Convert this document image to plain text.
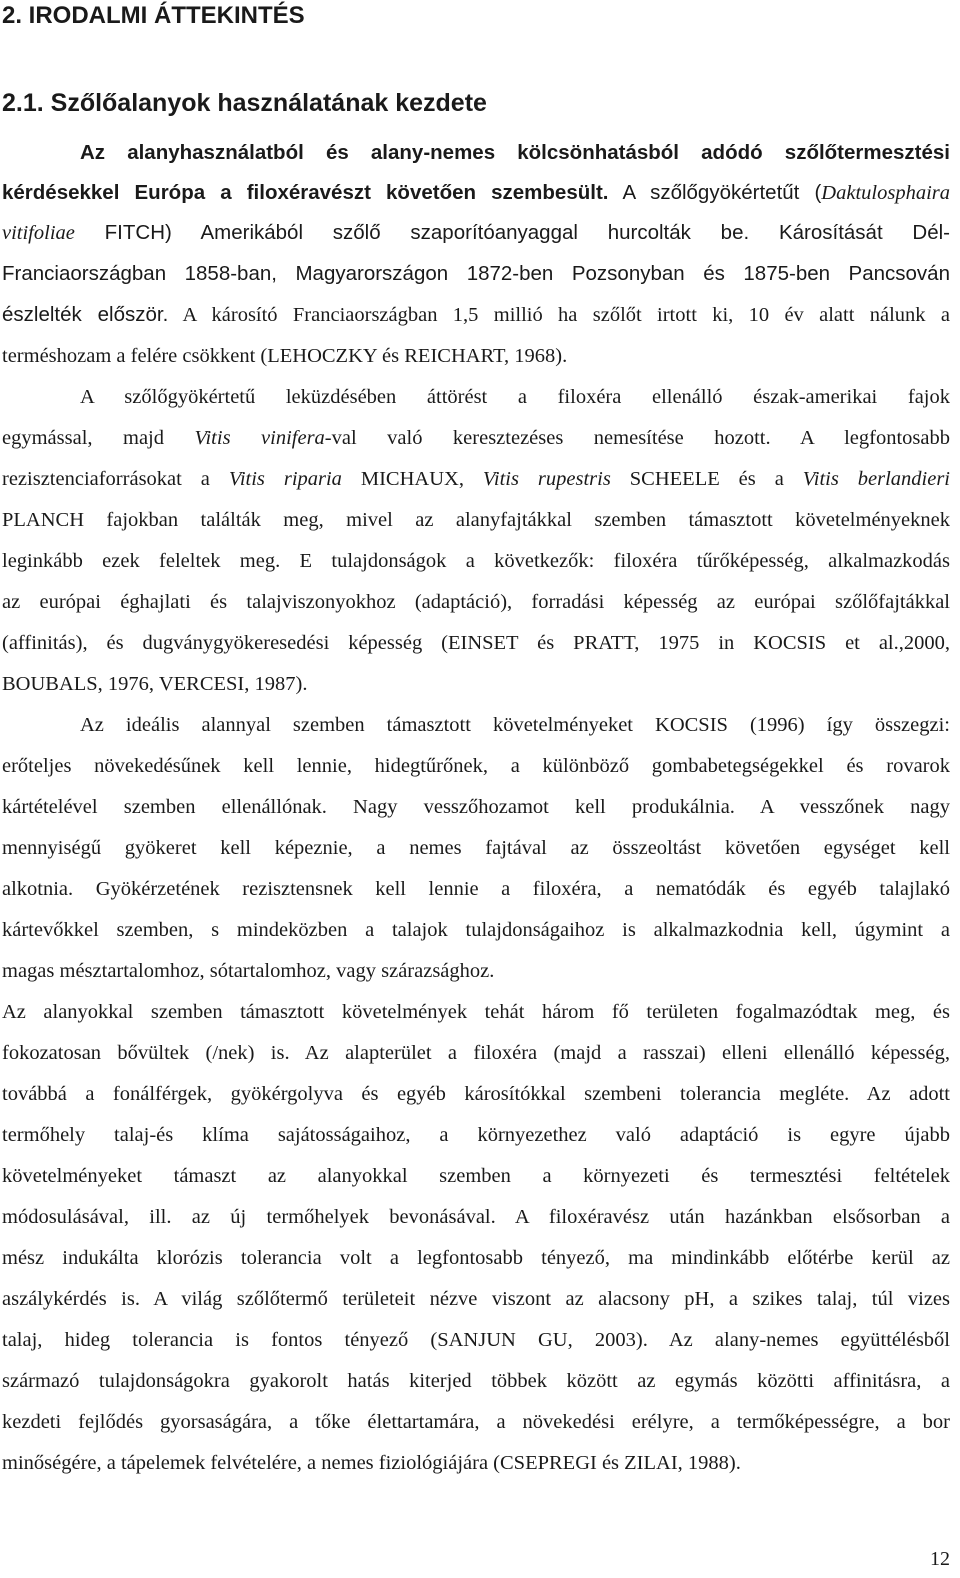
2. IRODALMI ÁTTEKINTÉS
2.1. Szőlőalanyok használatának kezdete
Az alanyhasználatból és alany-nemes kölcsönhatásból adódó szőlőtermesztési
kérdésekkel Európa a filoxéravészt követően szembesült. A szőlőgyökértetűt (Daktulosphaira
vitifoliae FITCH) Amerikából szőlő szaporítóanyaggal hurcolták be. Károsítását Dél-
Franciaországban 1858-ban, Magyarországon 1872-ben Pozsonyban és 1875-ben Pancsován
észlelték először. A károsító Franciaországban 1,5 millió ha szőlőt irtott ki, 10 év alatt nálunk a
terméshozam a felére csökkent (LEHOCZKY és REICHART, 1968).
A szőlőgyökértetű leküzdésében áttörést a filoxéra ellenálló észak-amerikai fajok
egymással, majd Vitis vinifera-val való keresztezéses nemesítése hozott. A legfontosabb
rezisztenciaforrásokat a Vitis riparia MICHAUX, Vitis rupestris SCHEELE és a Vitis berlandieri
PLANCH fajokban találták meg, mivel az alanyfajtákkal szemben támasztott követelményeknek
leginkább ezek feleltek meg. E tulajdonságok a következők: filoxéra tűrőképesség, alkalmazkodás
az európai éghajlati és talajviszonyokhoz (adaptáció), forradási képesség az európai szőlőfajtákkal
(affinitás), és dugványgyökeresedési képesség (EINSET és PRATT, 1975 in KOCSIS et al.,2000,
BOUBALS, 1976, VERCESI, 1987).
Az ideális alannyal szemben támasztott követelményeket KOCSIS (1996) így összegzi:
erőteljes növekedésűnek kell lennie, hidegtűrőnek, a különböző gombabetegségekkel és rovarok
kártételével szemben ellenállónak. Nagy vesszőhozamot kell produkálnia. A vesszőnek nagy
mennyiségű gyökeret kell képeznie, a nemes fajtával az összeoltást követően egységet kell
alkotnia. Gyökérzetének rezisztensnek kell lennie a filoxéra, a nematódák és egyéb talajlakó
kártevőkkel szemben, s mindeközben a talajok tulajdonságaihoz is alkalmazkodnia kell, úgymint a
magas mésztartalomhoz, sótartalomhoz, vagy szárazsághoz.
Az alanyokkal szemben támasztott követelmények tehát három fő területen fogalmazódtak meg, és
fokozatosan bővültek (/nek) is. Az alapterület a filoxéra (majd a rasszai) elleni ellenálló képesség,
továbbá a fonálférgek, gyökérgolyva és egyéb károsítókkal szembeni tolerancia megléte. Az adott
termőhely talaj-és klíma sajátosságaihoz, a környezethez való adaptáció is egyre újabb
követelményeket támaszt az alanyokkal szemben a környezeti és termesztési feltételek
módosulásával, ill. az új termőhelyek bevonásával. A filoxéravész után hazánkban elsősorban a
mész indukálta klorózis tolerancia volt a legfontosabb tényező, ma mindinkább előtérbe kerül az
aszálykérdés is. A világ szőlőtermő területeit nézve viszont az alacsony pH, a szikes talaj, túl vizes
talaj, hideg tolerancia is fontos tényező (SANJUN GU, 2003). Az alany-nemes együttélésből
származó tulajdonságokra gyakorolt hatás kiterjed többek között az egymás közötti affinitásra, a
kezdeti fejlődés gyorsaságára, a tőke élettartamára, a növekedési erélyre, a termőképességre, a bor
minőségére, a tápelemek felvételére, a nemes fiziológiájára (CSEPREGI és ZILAI, 1988).
12
